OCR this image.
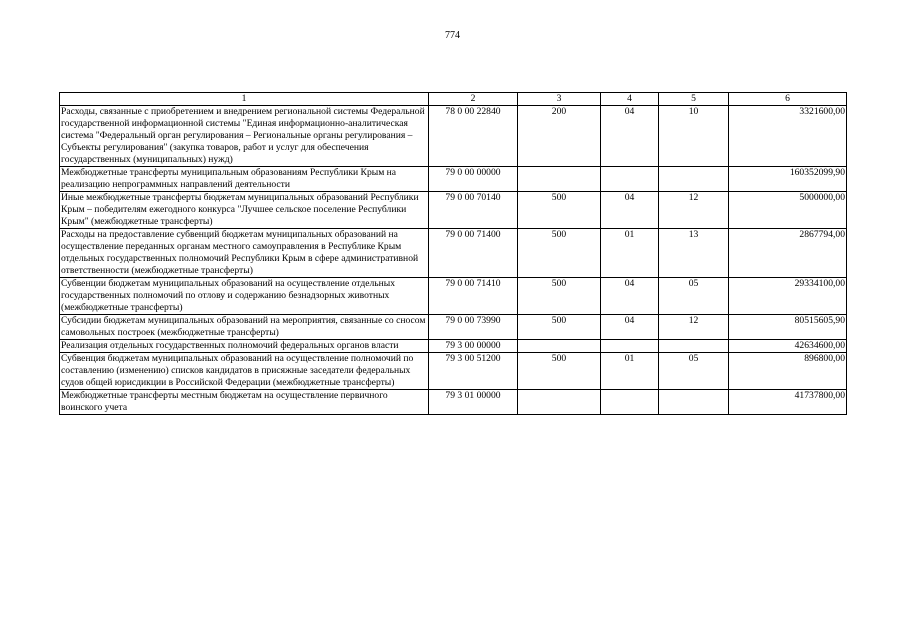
774
1	2	3	4	5	6
Расходы, связанные с приобретением и внедрением региональной системы Федеральной государственной информационной системы "Единая информационно-аналитическая система "Федеральный орган регулирования – Региональные органы регулирования – Субъекты регулирования" (закупка товаров, работ и услуг для обеспечения государственных (муниципальных) нужд)	78 0 00 22840	200	04	10	3321600,00
Межбюджетные трансферты муниципальным образованиям Республики Крым на реализацию непрограммных направлений деятельности	79 0 00 00000				160352099,90
Иные межбюджетные трансферты бюджетам муниципальных образований Республики Крым – победителям ежегодного конкурса "Лучшее сельское поселение Республики Крым" (межбюджетные трансферты)	79 0 00 70140	500	04	12	5000000,00
Расходы на предоставление субвенций бюджетам муниципальных образований на осуществление переданных органам местного самоуправления в Республике Крым отдельных государственных полномочий Республики Крым в сфере административной ответственности (межбюджетные трансферты)	79 0 00 71400	500	01	13	2867794,00
Субвенции бюджетам муниципальных образований на осуществление отдельных государственных полномочий по отлову и содержанию безнадзорных животных (межбюджетные трансферты)	79 0 00 71410	500	04	05	29334100,00
Субсидии бюджетам муниципальных образований на мероприятия, связанные со сносом самовольных построек (межбюджетные трансферты)	79 0 00 73990	500	04	12	80515605,90
Реализация отдельных государственных полномочий федеральных органов власти	79 3 00 00000				42634600,00
Субвенция бюджетам муниципальных образований на осуществление полномочий по составлению (изменению) списков кандидатов в присяжные заседатели федеральных судов общей юрисдикции в Российской Федерации (межбюджетные трансферты)	79 3 00 51200	500	01	05	896800,00
Межбюджетные трансферты местным бюджетам на осуществление первичного воинского учета	79 3 01 00000				41737800,00
